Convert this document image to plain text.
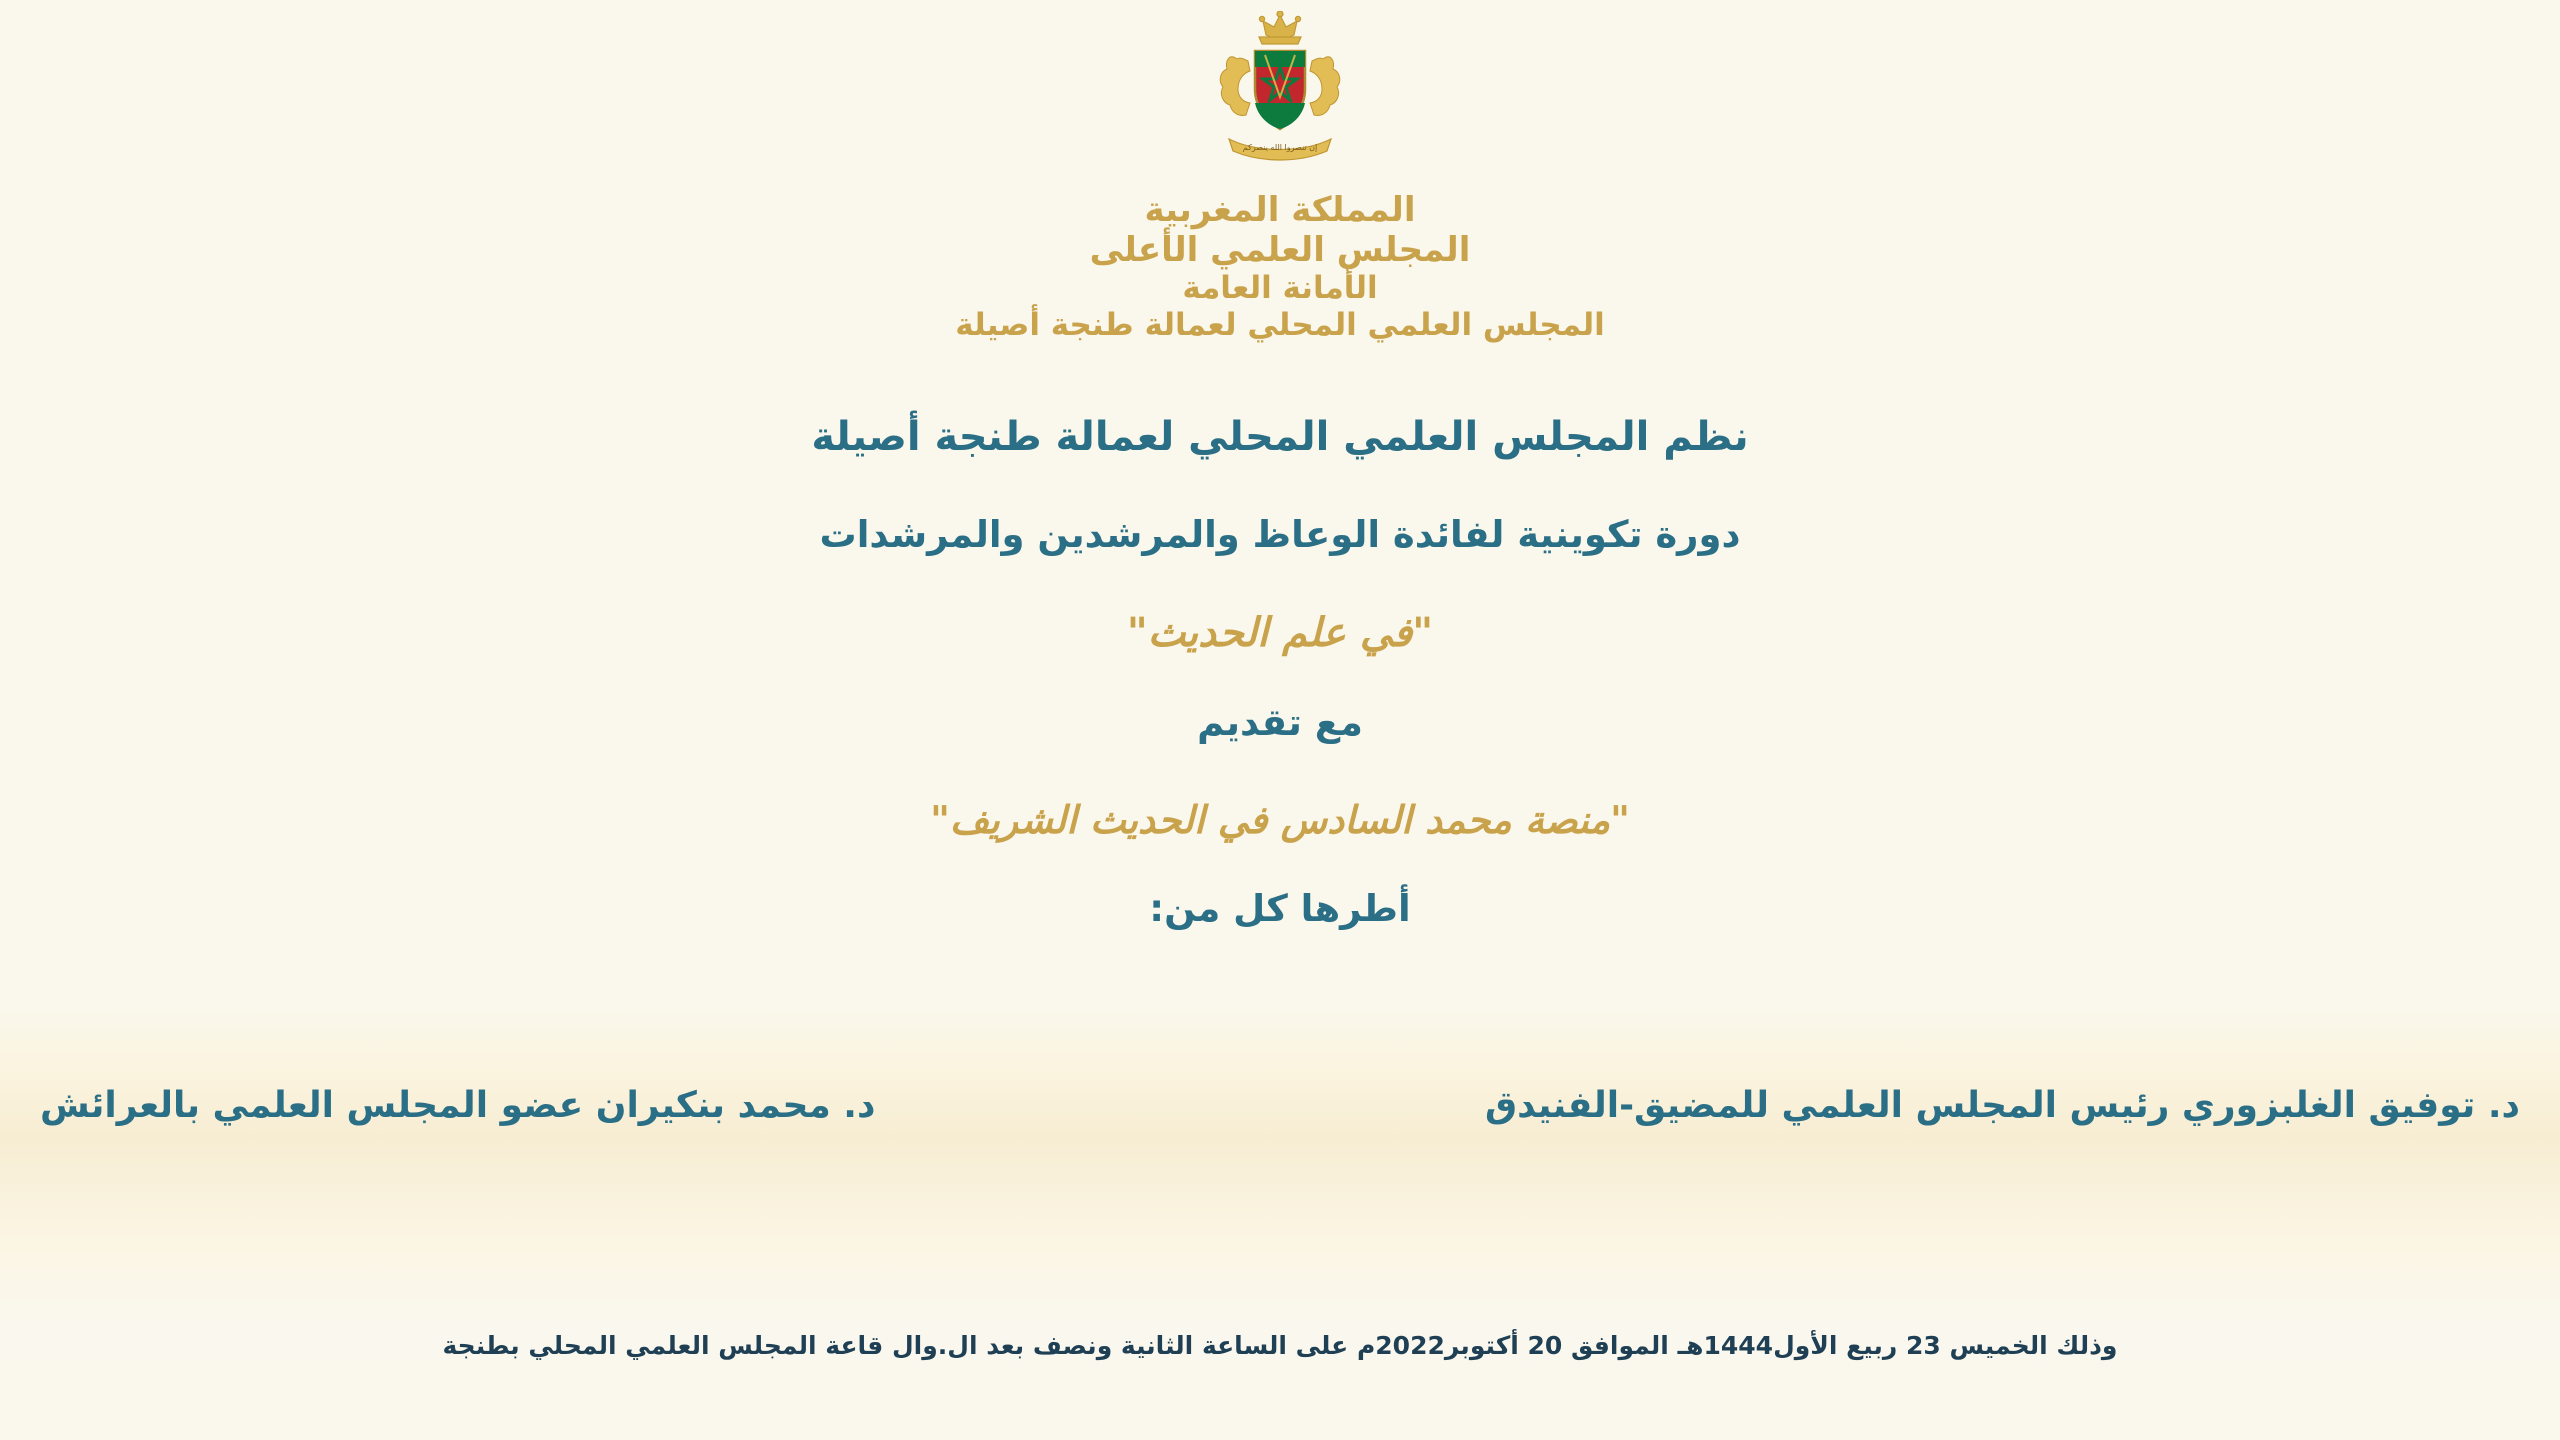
إن تنصروا الله ينصركم
المملكة المغربية
المجلس العلمي الأعلى
الأمانة العامة
المجلس العلمي المحلي لعمالة طنجة أصيلة

نظم المجلس العلمي المحلي لعمالة طنجة أصيلة

دورة تكوينية لفائدة الوعاظ والمرشدين والمرشدات

"في علم الحديث"

مع تقديم

"منصة محمد السادس في الحديث الشريف"

أطرها كل من:

د. توفيق الغلبزوري رئيس المجلس العلمي للمضيق-الفنيدق
د. محمد بنكيران عضو المجلس العلمي بالعرائش
وذلك الخميس 23 ربيع الأول1444هـ الموافق 20 أكتوبر2022م على الساعة الثانية ونصف بعد ال.وال قاعة المجلس العلمي المحلي بطنجة
